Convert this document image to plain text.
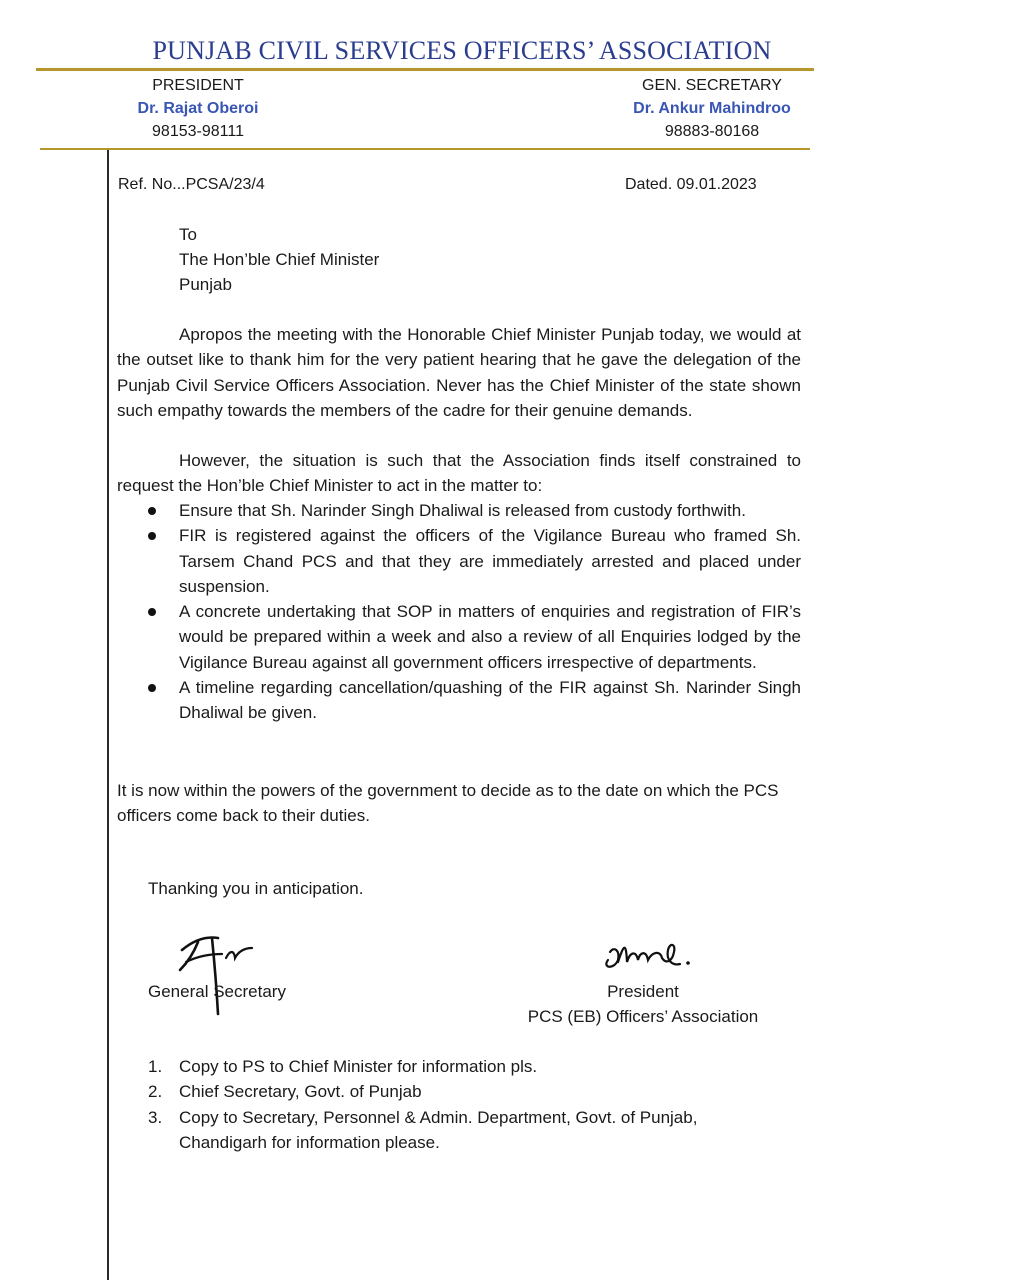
PUNJAB CIVIL SERVICES OFFICERS’ ASSOCIATION
PRESIDENT
Dr. Rajat Oberoi
98153-98111
GEN. SECRETARY
Dr. Ankur Mahindroo
98883-80168
Ref. No...PCSA/23/4	Dated. 09.01.2023
To
The Hon’ble Chief Minister
Punjab
Apropos the meeting with the Honorable Chief Minister Punjab today, we would at the outset like to thank him for the very patient hearing that he gave the delegation of the Punjab Civil Service Officers Association. Never has the Chief Minister of the state shown such empathy towards the members of the cadre for their genuine demands.
However, the situation is such that the Association finds itself constrained to request the Hon’ble Chief Minister to act in the matter to:
Ensure that Sh. Narinder Singh Dhaliwal is released from custody forthwith.
FIR is registered against the officers of the Vigilance Bureau who framed Sh. Tarsem Chand PCS and that they are immediately arrested and placed under suspension.
A concrete undertaking that SOP in matters of enquiries and registration of FIR’s would be prepared within a week and also a review of all Enquiries lodged by the Vigilance Bureau against all government officers irrespective of departments.
A timeline regarding cancellation/quashing of the FIR against Sh. Narinder Singh Dhaliwal be given.
It is now within the powers of the government to decide as to the date on which the PCS officers come back to their duties.
Thanking you in anticipation.
General Secretary	President
PCS (EB) Officers’ Association
1. Copy to PS to Chief Minister for information pls.
2. Chief Secretary, Govt. of Punjab
3. Copy to Secretary, Personnel & Admin. Department, Govt. of Punjab, Chandigarh for information please.
